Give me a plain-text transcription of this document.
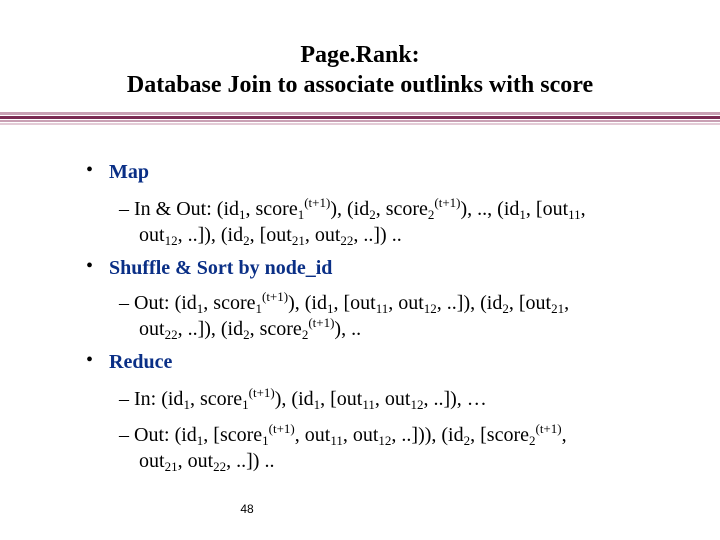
Page.Rank:
Database Join to associate outlinks with score
• Map
– In & Out: ($id_1$, score$_1^{(t+1)}$), ($id_2$, score$_2^{(t+1)}$), .., ($id_1$, [out$_{11}$,
out$_{12}$, ..]), ($id_2$, [out$_{21}$, out$_{22}$, ..]) ..
• Shuffle & Sort by node_id
– Out: ($id_1$, score$_1^{(t+1)}$), ($id_1$, [out$_{11}$, out$_{12}$, ..]), ($id_2$, [out$_{21}$,
out$_{22}$, ..]), ($id_2$, score$_2^{(t+1)}$), ..
• Reduce
– In: ($id_1$, score$_1^{(t+1)}$), ($id_1$, [out$_{11}$, out$_{12}$, ..]), …
– Out: ($id_1$, [score$_1^{(t+1)}$, out$_{11}$, out$_{12}$, ..])), ($id_2$, [score$_2^{(t+1)}$,
out$_{21}$, out$_{22}$, ..]) ..
48
